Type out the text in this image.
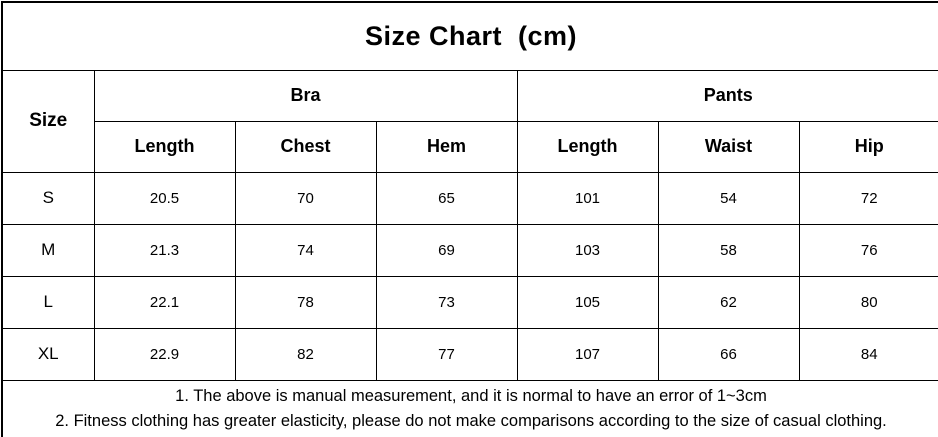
Size Chart  (cm)						
Size	Bra			Pants		
	Length	Chest	Hem	Length	Waist	Hip
S	20.5	70	65	101	54	72
M	21.3	74	69	103	58	76
L	22.1	78	73	105	62	80
XL	22.9	82	77	107	66	84

1. The above is manual measurement, and it is normal to have an error of 1~3cm
2. Fitness clothing has greater elasticity, please do not make comparisons according to the size of casual clothing.						
